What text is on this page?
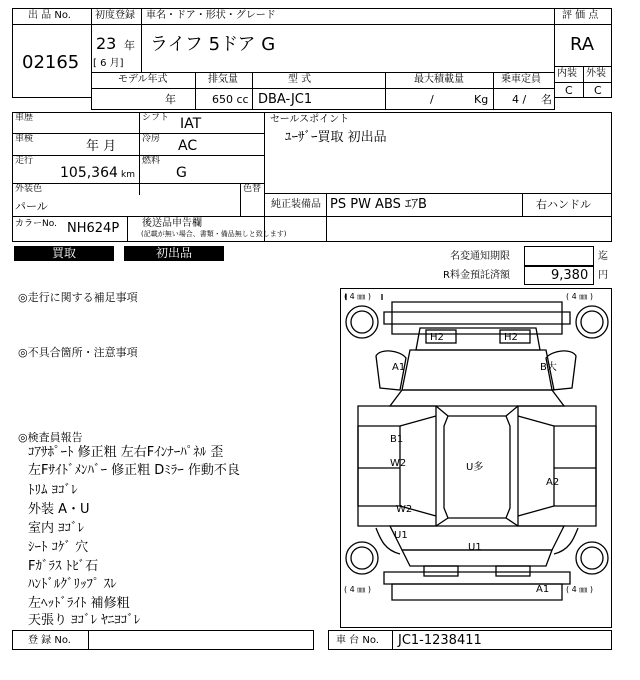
出 品 No.
02165
初度登録 車名・ドア・形状・グレード
23 年
[ 6 月]
ライフ 5ドア G
評 価 点
RA
内装 外装
C C
モデル年式	排気量	型 式	最大積載量	乗車定員
年	650 cc DBA-JC1	/	Kg 4 / 名
車歴	シフト IAT
車検	年 月	冷房 AC
走行
105,364 km
燃料
G
外装色
パール
色替
カラーNo. NH624P 後送品申告欄
(記載が無い場合、書類・備品無しと致します)
セールスポイント
ﾕｰｻﾞｰ買取 初出品
純正装備品 PS PW ABS ｴｱB	右ハンドル
買取	初出品	名変通知期限	迄
R料金預託済額	9,380 円
◎走行に関する補足事項
◎不具合箇所・注意事項
◎検査員報告
ｺｱｻﾎﾟｰﾄ 修正粗 左右Fｲﾝﾅｰﾊﾟﾈﾙ 歪
左Fｻｲﾄﾞﾒﾝﾊﾞｰ 修正粗 Dﾐﾗｰ 作動不良
ﾄﾘﾑ ﾖｺﾞﾚ
外装 A・U
室内 ﾖｺﾞﾚ
ｼｰﾄ ｺｹﾞ 穴
Fｶﾞﾗｽ ﾄﾋﾞ石
ﾊﾝﾄﾞﾙｸﾞﾘｯﾌﾟ ｽﾚ
左ﾍｯﾄﾞﾗｲﾄ 補修粗
天張り ﾖｺﾞﾚ ﾔﾆﾖｺﾞﾚ
( 4 ㎜ )	( 4 ㎜ )
( 4 ㎜ )	( 4 ㎜ )
H2	H2
A1	B大
B1
W2	U多
A2
W2
U1
U1
A1
登 録 No.	車 台 No. JC1-1238411
